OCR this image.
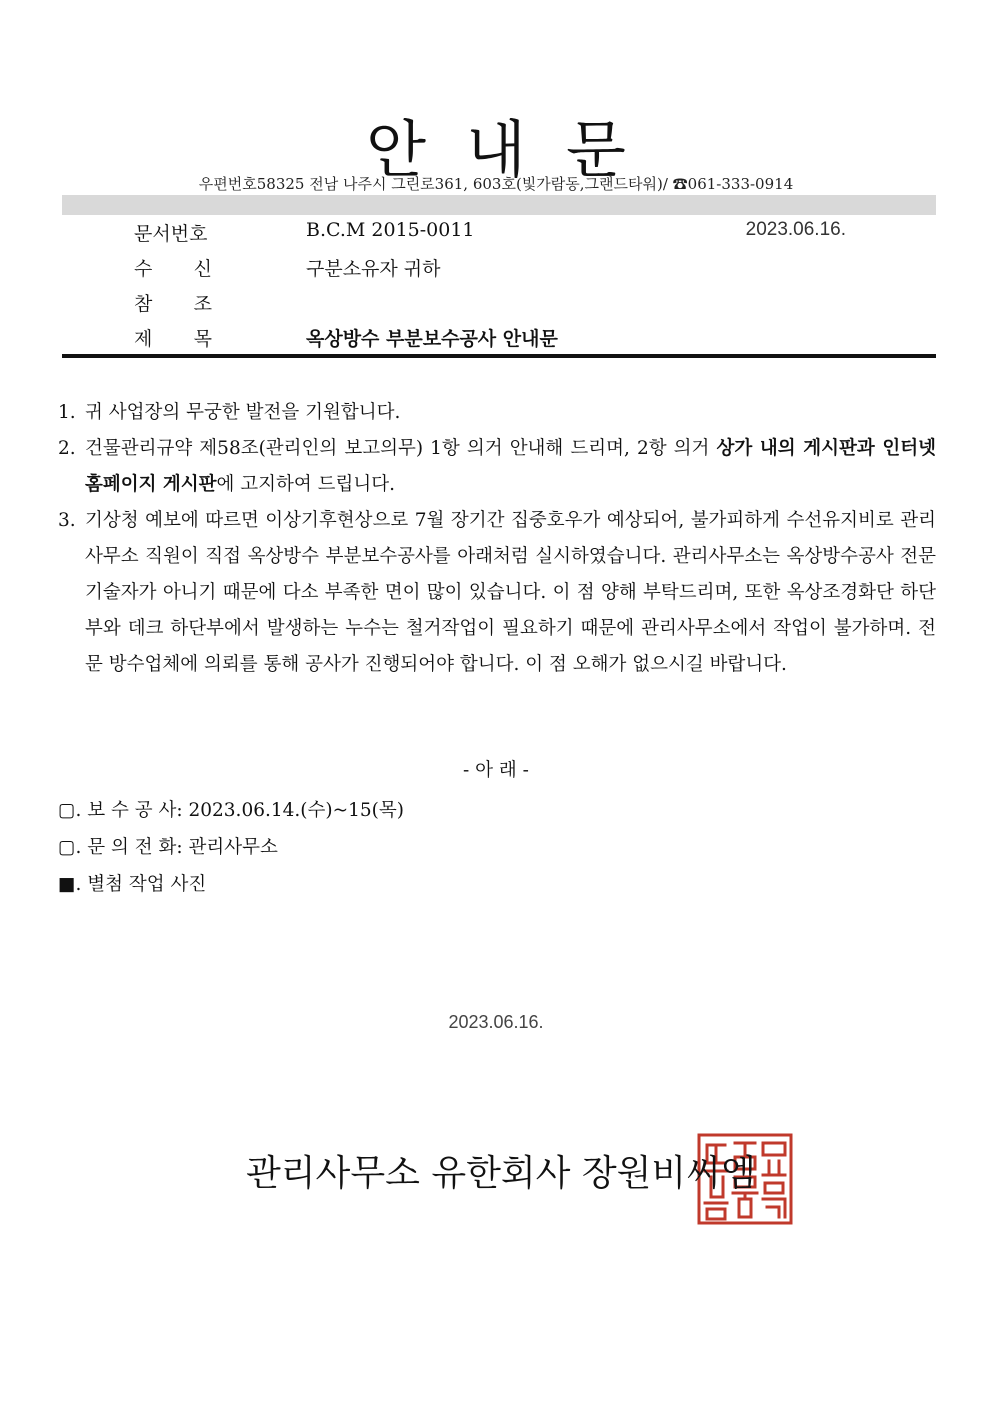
안 내 문
우편번호58325 전남 나주시 그린로361, 603호(빛가람동,그랜드타워)/ ☎061-333-0914
문 서 번 호	B.C.M 2015-0011	2023.06.16.
수 신	구분소유자 귀하
참 조
제 목	옥상방수 부분보수공사 안내문
1. 귀 사업장의 무궁한 발전을 기원합니다.
2. 건물관리규약 제58조(관리인의 보고의무) 1항 의거 안내해 드리며, 2항 의거 상가 내의 게시판과 인터넷 홈페이지 게시판에 고지하여 드립니다.
3. 기상청 예보에 따르면 이상기후현상으로 7월 장기간 집중호우가 예상되어, 불가피하게 수선유지비로 관리사무소 직원이 직접 옥상방수 부분보수공사를 아래처럼 실시하였습니다. 관리사무소는 옥상방수공사 전문기술자가 아니기 때문에 다소 부족한 면이 많이 있습니다. 이 점 양해 부탁드리며, 또한 옥상조경화단 하단부와 데크 하단부에서 발생하는 누수는 철거작업이 필요하기 때문에 관리사무소에서 작업이 불가하며. 전문 방수업체에 의뢰를 통해 공사가 진행되어야 합니다. 이 점 오해가 없으시길 바랍니다.
- 아 래 -
▢. 보 수 공 사: 2023.06.14.(수)~15(목)
▢. 문 의 전 화: 관리사무소
■. 별첨 작업 사진
2023.06.16.
관리사무소 유한회사 장원비씨엠
